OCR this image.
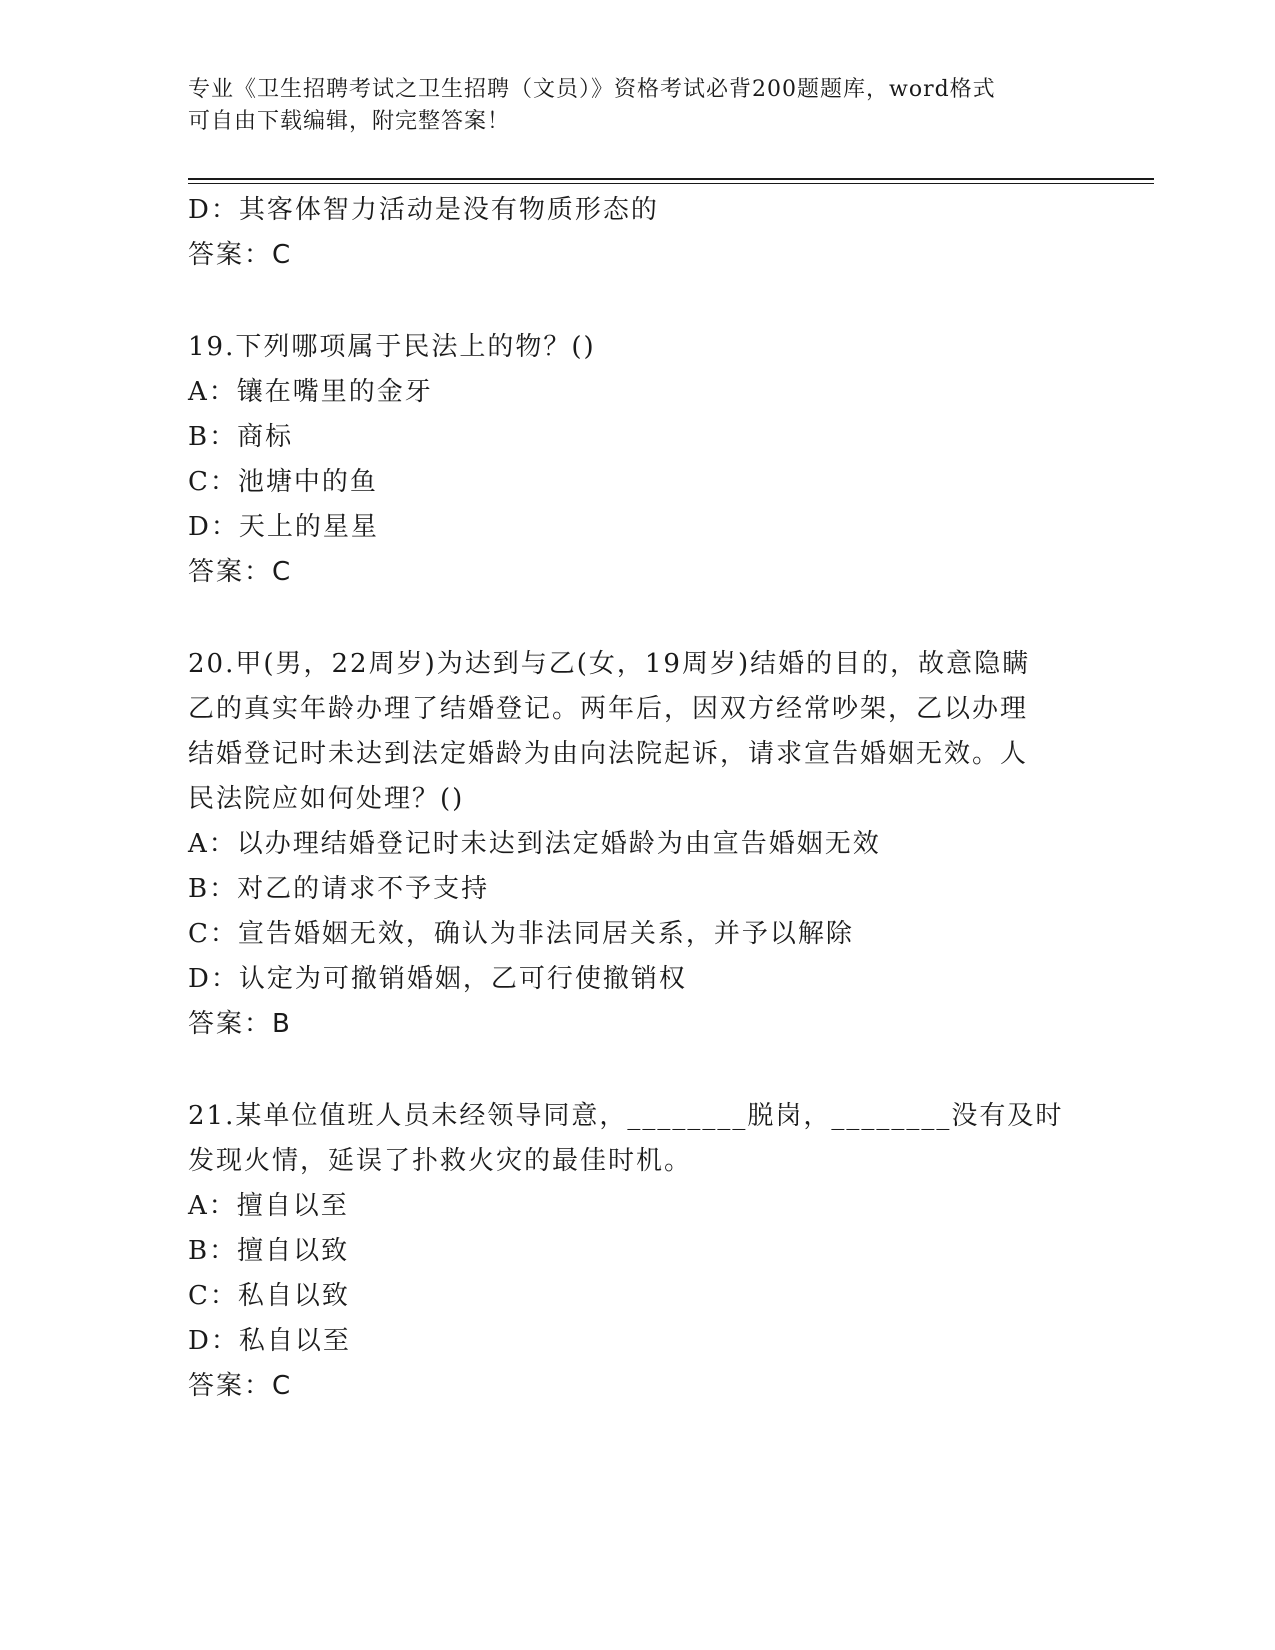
专业《卫生招聘考试之卫生招聘（文员）》资格考试必背200题题库，word格式
可自由下载编辑，附完整答案！
D：其客体智力活动是没有物质形态的
答案：C
19.下列哪项属于民法上的物？()
A：镶在嘴里的金牙
B：商标
C：池塘中的鱼
D：天上的星星
答案：C
20.甲(男，22周岁)为达到与乙(女，19周岁)结婚的目的，故意隐瞒
乙的真实年龄办理了结婚登记。两年后，因双方经常吵架，乙以办理
结婚登记时未达到法定婚龄为由向法院起诉，请求宣告婚姻无效。人
民法院应如何处理？()
A：以办理结婚登记时未达到法定婚龄为由宣告婚姻无效
B：对乙的请求不予支持
C：宣告婚姻无效，确认为非法同居关系，并予以解除
D：认定为可撤销婚姻，乙可行使撤销权
答案：B
21.某单位值班人员未经领导同意，________脱岗，________没有及时
发现火情，延误了扑救火灾的最佳时机。
A：擅自以至
B：擅自以致
C：私自以致
D：私自以至
答案：C
